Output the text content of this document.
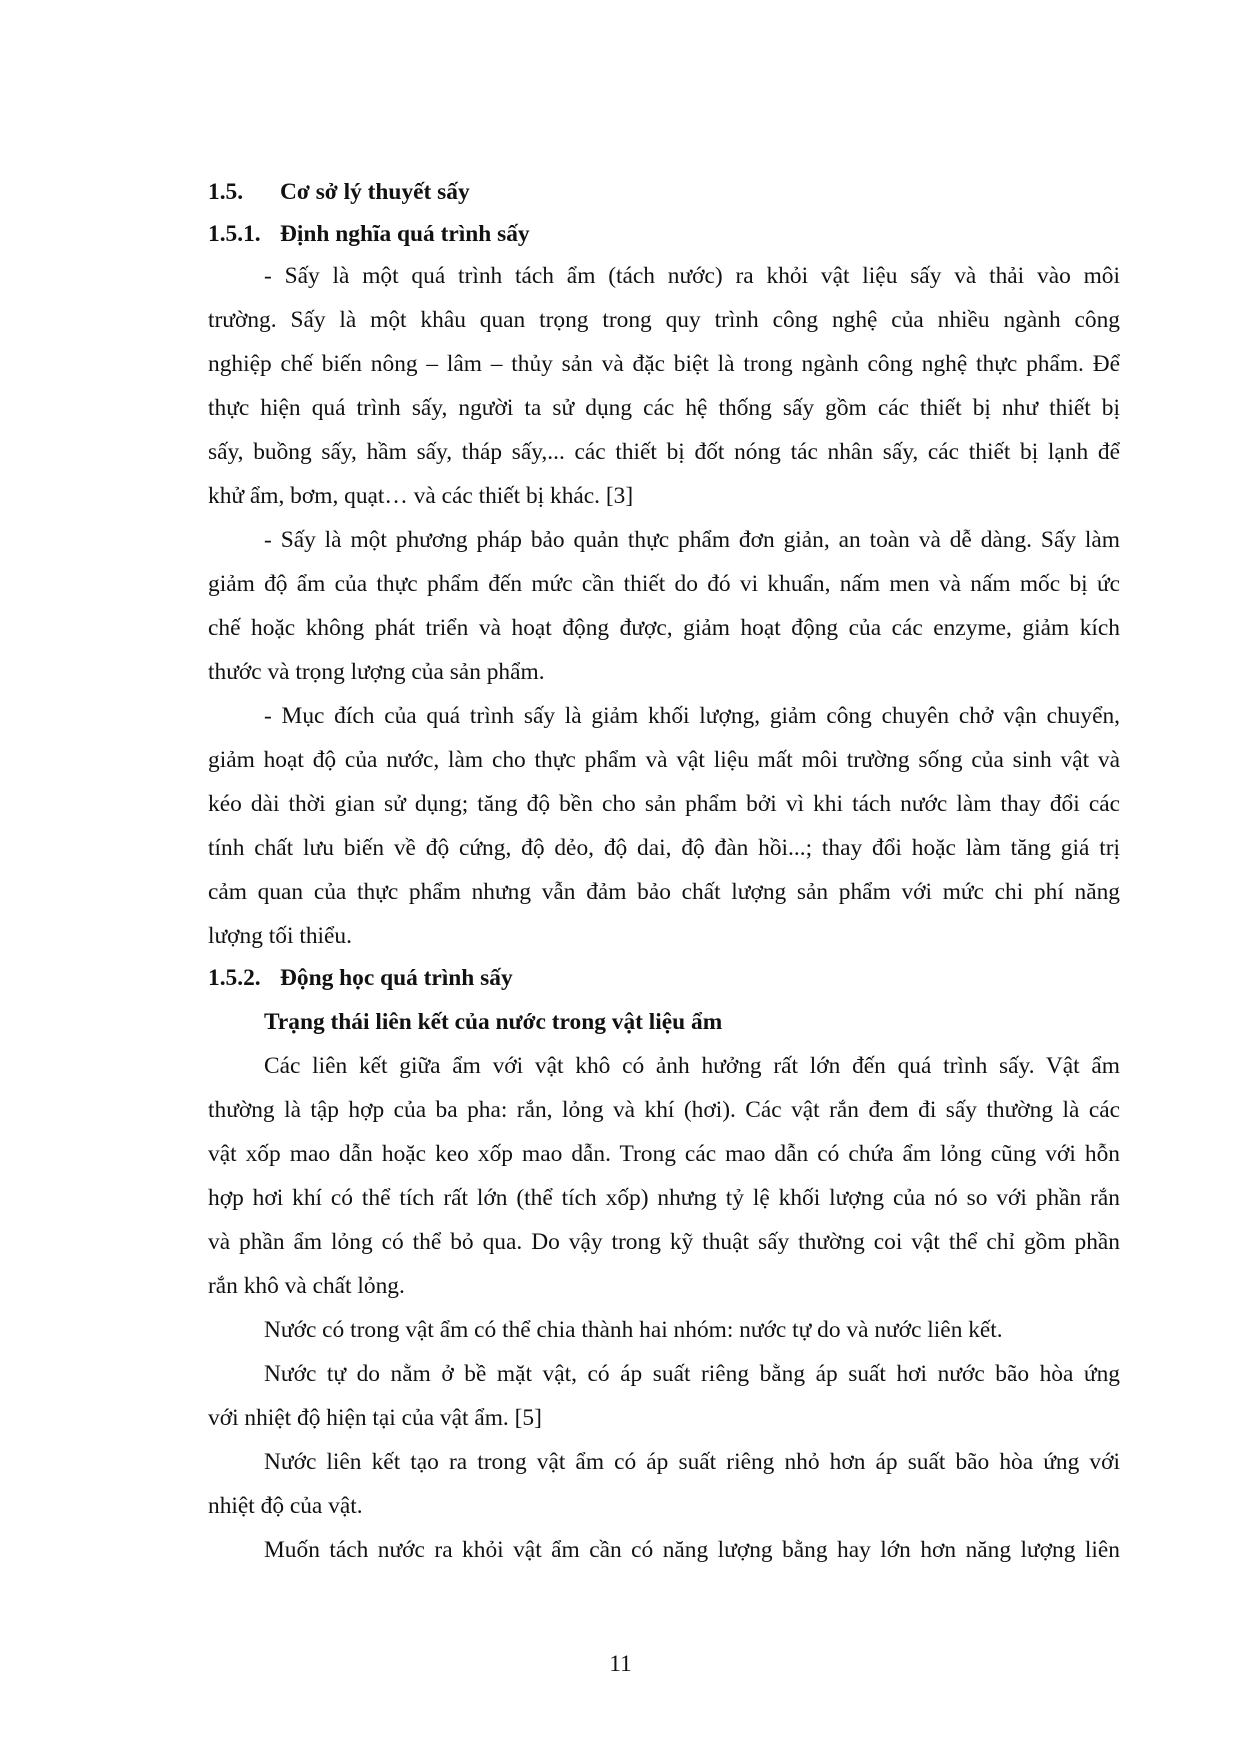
1.5. Cơ sở lý thuyết sấy
1.5.1. Định nghĩa quá trình sấy
- Sấy là một quá trình tách ẩm (tách nước) ra khỏi vật liệu sấy và thải vào môi
trường. Sấy là một khâu quan trọng trong quy trình công nghệ của nhiều ngành công
nghiệp chế biến nông – lâm – thủy sản và đặc biệt là trong ngành công nghệ thực phẩm. Để
thực hiện quá trình sấy, người ta sử dụng các hệ thống sấy gồm các thiết bị như thiết bị
sấy, buồng sấy, hầm sấy, tháp sấy,... các thiết bị đốt nóng tác nhân sấy, các thiết bị lạnh để
khử ẩm, bơm, quạt… và các thiết bị khác. [3]
- Sấy là một phương pháp bảo quản thực phẩm đơn giản, an toàn và dễ dàng. Sấy làm
giảm độ ẩm của thực phẩm đến mức cần thiết do đó vi khuẩn, nấm men và nấm mốc bị ức
chế hoặc không phát triển và hoạt động được, giảm hoạt động của các enzyme, giảm kích
thước và trọng lượng của sản phẩm.
- Mục đích của quá trình sấy là giảm khối lượng, giảm công chuyên chở vận chuyển,
giảm hoạt độ của nước, làm cho thực phẩm và vật liệu mất môi trường sống của sinh vật và
kéo dài thời gian sử dụng; tăng độ bền cho sản phẩm bởi vì khi tách nước làm thay đổi các
tính chất lưu biến về độ cứng, độ dẻo, độ dai, độ đàn hồi...; thay đổi hoặc làm tăng giá trị
cảm quan của thực phẩm nhưng vẫn đảm bảo chất lượng sản phẩm với mức chi phí năng
lượng tối thiểu.
1.5.2. Động học quá trình sấy
Trạng thái liên kết của nước trong vật liệu ẩm
Các liên kết giữa ẩm với vật khô có ảnh hưởng rất lớn đến quá trình sấy. Vật ẩm
thường là tập hợp của ba pha: rắn, lỏng và khí (hơi). Các vật rắn đem đi sấy thường là các
vật xốp mao dẫn hoặc keo xốp mao dẫn. Trong các mao dẫn có chứa ẩm lỏng cũng với hỗn
hợp hơi khí có thể tích rất lớn (thể tích xốp) nhưng tỷ lệ khối lượng của nó so với phần rắn
và phần ẩm lỏng có thể bỏ qua. Do vậy trong kỹ thuật sấy thường coi vật thể chỉ gồm phần
rắn khô và chất lỏng.
Nước có trong vật ẩm có thể chia thành hai nhóm: nước tự do và nước liên kết.
Nước tự do nằm ở bề mặt vật, có áp suất riêng bằng áp suất hơi nước bão hòa ứng
với nhiệt độ hiện tại của vật ẩm. [5]
Nước liên kết tạo ra trong vật ẩm có áp suất riêng nhỏ hơn áp suất bão hòa ứng với
nhiệt độ của vật.
Muốn tách nước ra khỏi vật ẩm cần có năng lượng bằng hay lớn hơn năng lượng liên
11
